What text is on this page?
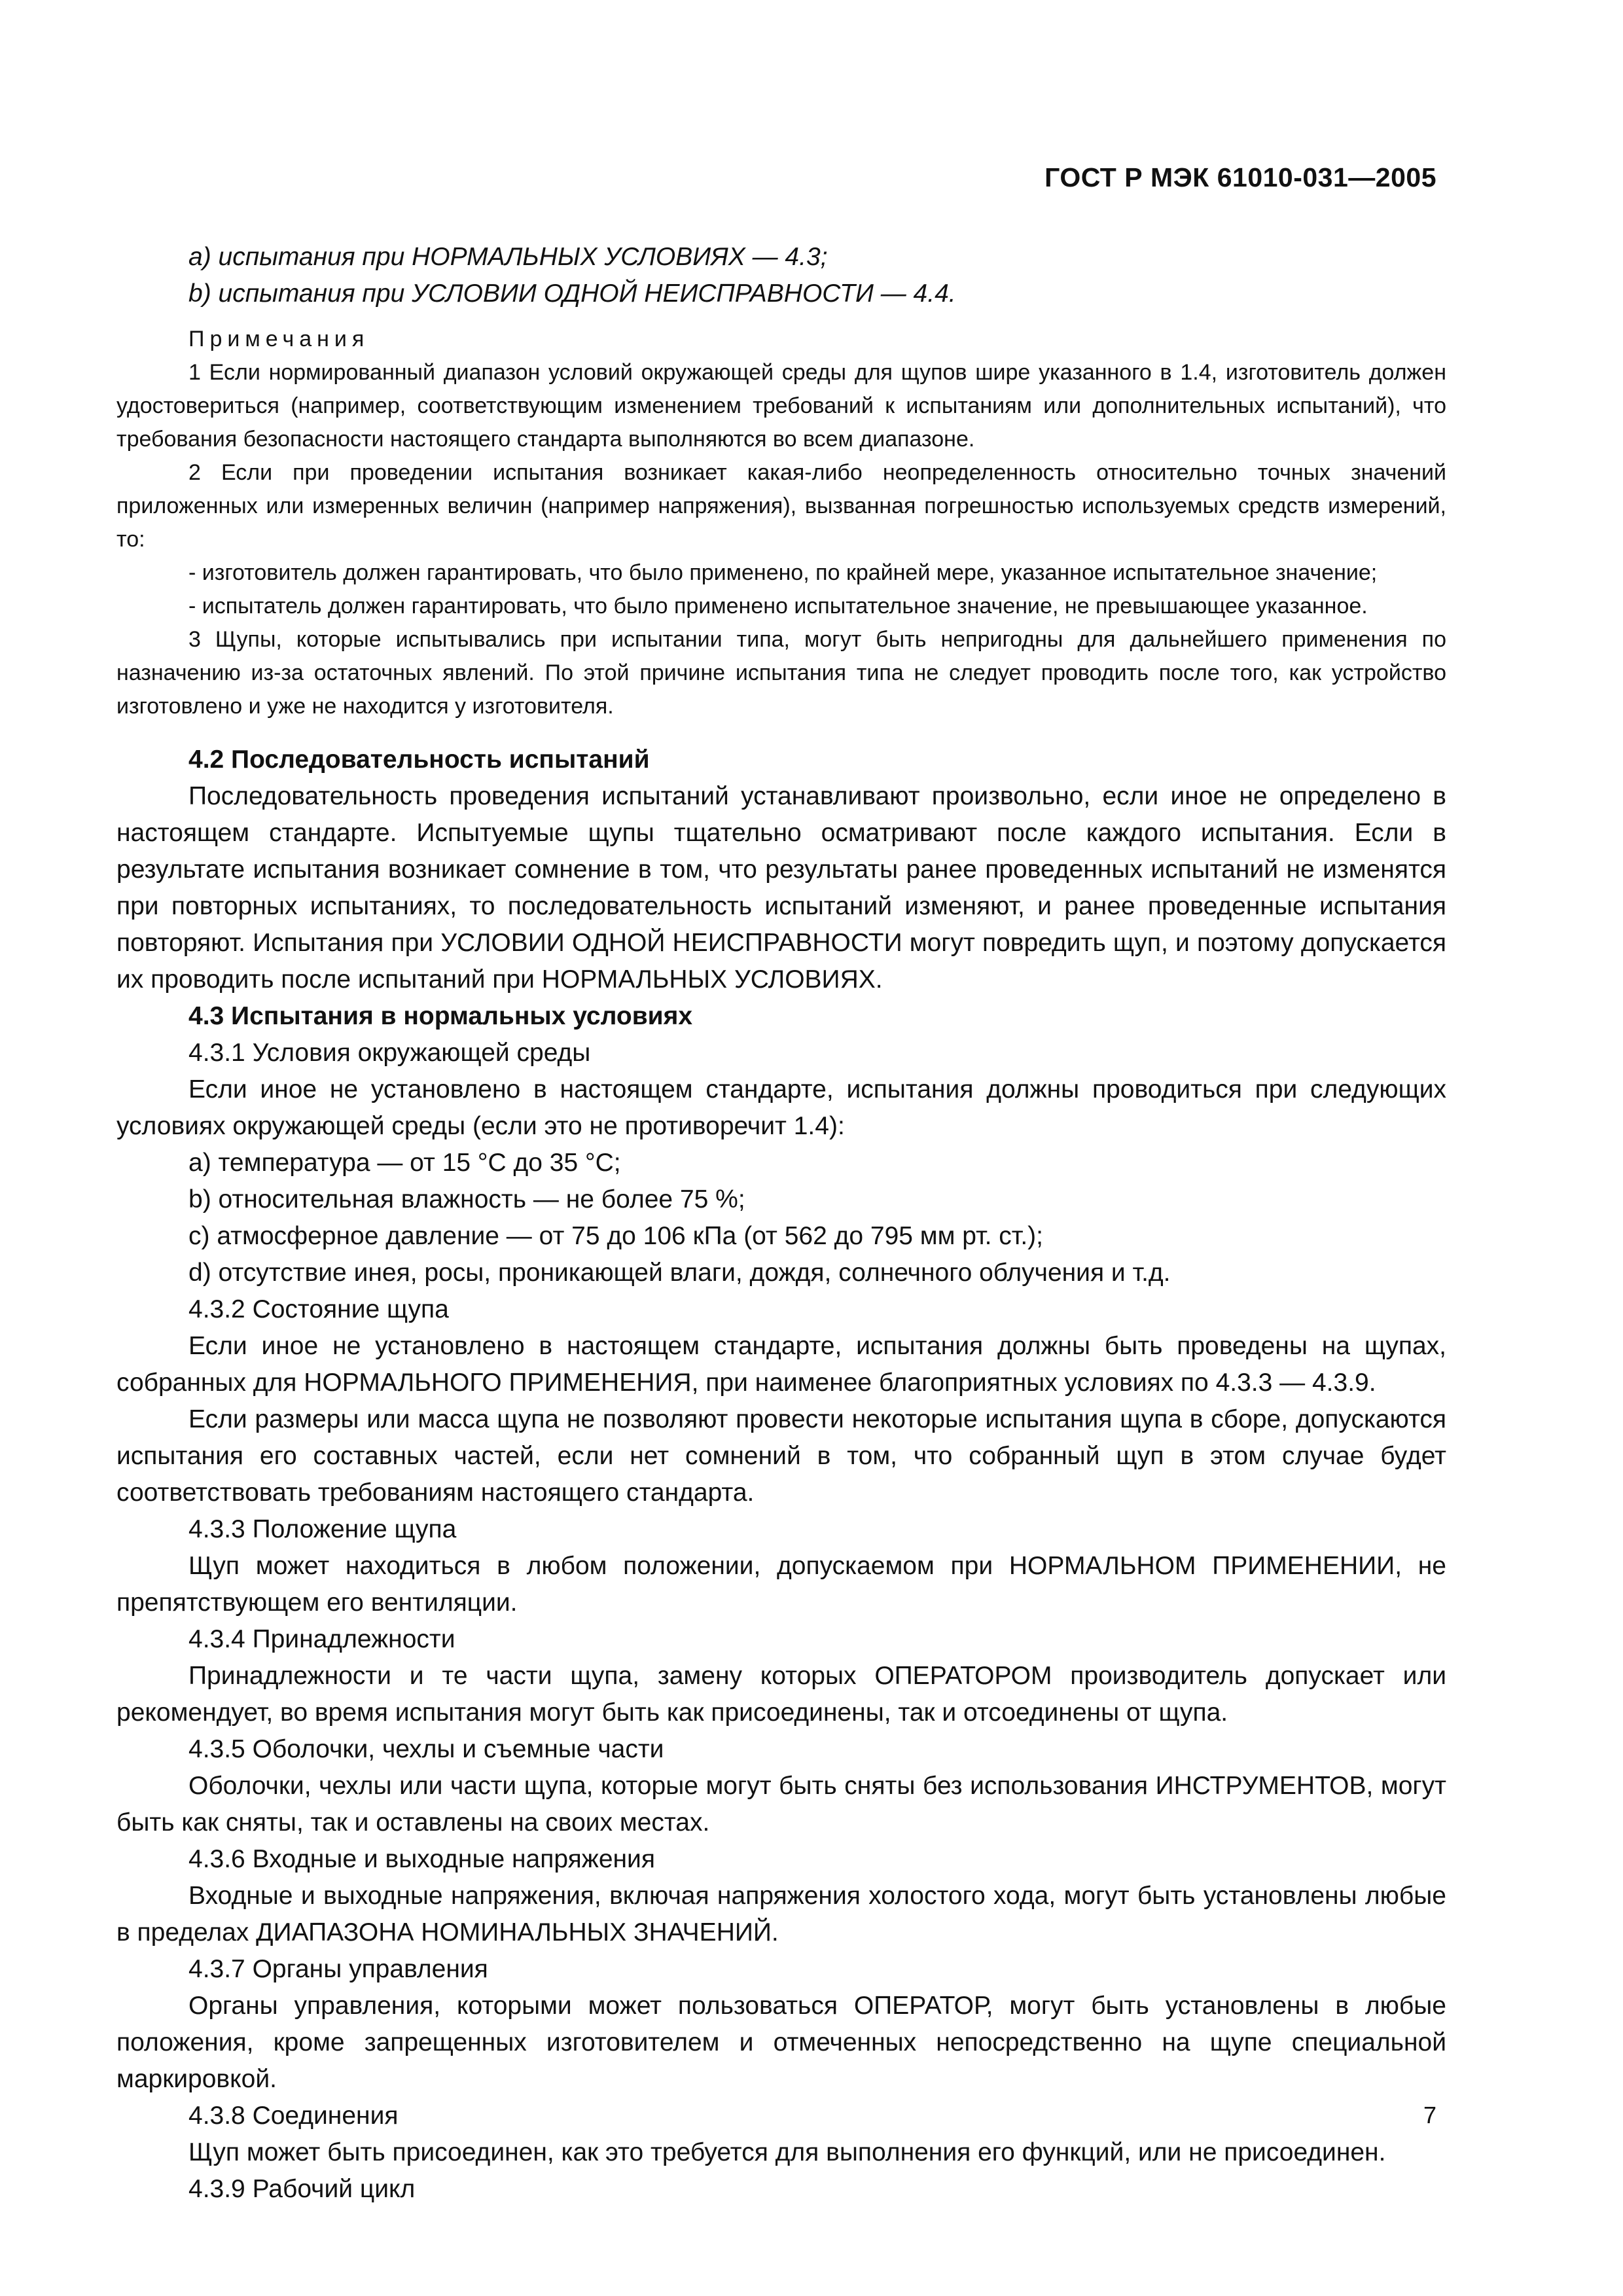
ГОСТ Р МЭК 61010-031—2005
a) испытания при НОРМАЛЬНЫХ УСЛОВИЯХ — 4.3;
b) испытания при УСЛОВИИ ОДНОЙ НЕИСПРАВНОСТИ — 4.4.
Примечания

1 Если нормированный диапазон условий окружающей среды для щупов шире указанного в 1.4, изготовитель должен удостовериться (например, соответствующим изменением требований к испытаниям или дополнительных испытаний), что требования безопасности настоящего стандарта выполняются во всем диапазоне.

2 Если при проведении испытания возникает какая-либо неопределенность относительно точных значений приложенных или измеренных величин (например напряжения), вызванная погрешностью используемых средств измерений, то:

- изготовитель должен гарантировать, что было применено, по крайней мере, указанное испытательное значение;

- испытатель должен гарантировать, что было применено испытательное значение, не превышающее указанное.

3 Щупы, которые испытывались при испытании типа, могут быть непригодны для дальнейшего применения по назначению из-за остаточных явлений. По этой причине испытания типа не следует проводить после того, как устройство изготовлено и уже не находится у изготовителя.

4.2 Последовательность испытаний

Последовательность проведения испытаний устанавливают произвольно, если иное не определено в настоящем стандарте. Испытуемые щупы тщательно осматривают после каждого испытания. Если в результате испытания возникает сомнение в том, что результаты ранее проведенных испытаний не изменятся при повторных испытаниях, то последовательность испытаний изменяют, и ранее проведенные испытания повторяют. Испытания при УСЛОВИИ ОДНОЙ НЕИСПРАВНОСТИ могут повредить щуп, и поэтому допускается их проводить после испытаний при НОРМАЛЬНЫХ УСЛОВИЯХ.

4.3 Испытания в нормальных условиях
4.3.1 Условия окружающей среды

Если иное не установлено в настоящем стандарте, испытания должны проводиться при следующих условиях окружающей среды (если это не противоречит 1.4):

a) температура — от 15 °С до 35 °С;
b) относительная влажность — не более 75 %;
c) атмосферное давление — от 75 до 106 кПа (от 562 до 795 мм рт. ст.);
d) отсутствие инея, росы, проникающей влаги, дождя, солнечного облучения и т.д.
4.3.2 Состояние щупа

Если иное не установлено в настоящем стандарте, испытания должны быть проведены на щупах, собранных для НОРМАЛЬНОГО ПРИМЕНЕНИЯ, при наименее благоприятных условиях по 4.3.3 — 4.3.9.

Если размеры или масса щупа не позволяют провести некоторые испытания щупа в сборе, допускаются испытания его составных частей, если нет сомнений в том, что собранный щуп в этом случае будет соответствовать требованиям настоящего стандарта.

4.3.3 Положение щупа

Щуп может находиться в любом положении, допускаемом при НОРМАЛЬНОМ ПРИМЕНЕНИИ, не препятствующем его вентиляции.

4.3.4 Принадлежности

Принадлежности и те части щупа, замену которых ОПЕРАТОРОМ производитель допускает или рекомендует, во время испытания могут быть как присоединены, так и отсоединены от щупа.

4.3.5 Оболочки, чехлы и съемные части

Оболочки, чехлы или части щупа, которые могут быть сняты без использования ИНСТРУМЕНТОВ, могут быть как сняты, так и оставлены на своих местах.

4.3.6 Входные и выходные напряжения

Входные и выходные напряжения, включая напряжения холостого хода, могут быть установлены любые в пределах ДИАПАЗОНА НОМИНАЛЬНЫХ ЗНАЧЕНИЙ.

4.3.7 Органы управления

Органы управления, которыми может пользоваться ОПЕРАТОР, могут быть установлены в любые положения, кроме запрещенных изготовителем и отмеченных непосредственно на щупе специальной маркировкой.

4.3.8 Соединения

Щуп может быть присоединен, как это требуется для выполнения его функций, или не присоединен.

4.3.9 Рабочий цикл
7
